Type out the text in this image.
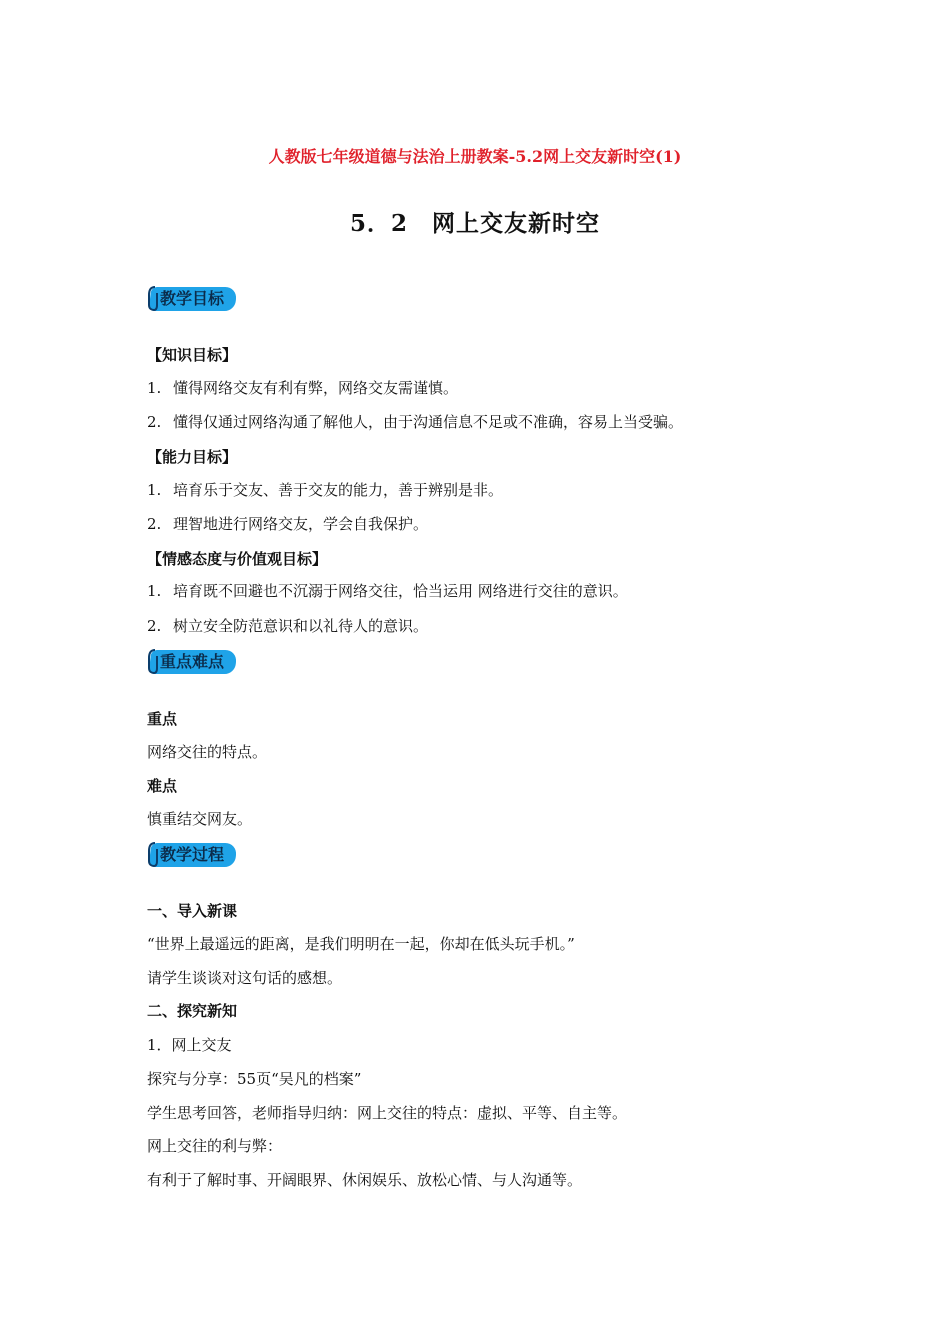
人教版七年级道德与法治上册教案-5.2网上交友新时空(1)
5．2　网上交友新时空
教学目标
【知识目标】
1. 懂得网络交友有利有弊，网络交友需谨慎。
2. 懂得仅通过网络沟通了解他人，由于沟通信息不足或不准确，容易上当受骗。
【能力目标】
1. 培育乐于交友、善于交友的能力，善于辨别是非。
2. 理智地进行网络交友，学会自我保护。
【情感态度与价值观目标】
1. 培育既不回避也不沉溺于网络交往，恰当运用 网络进行交往的意识。
2. 树立安全防范意识和以礼待人的意识。
重点难点
重点
网络交往的特点。
难点
慎重结交网友。
教学过程
一、导入新课
“世界上最遥远的距离，是我们明明在一起，你却在低头玩手机。”
请学生谈谈对这句话的感想。
二、探究新知
1．网上交友
探究与分享：55页“吴凡的档案”
学生思考回答，老师指导归纳：网上交往的特点：虚拟、平等、自主等。
网上交往的利与弊：
有利于了解时事、开阔眼界、休闲娱乐、放松心情、与人沟通等。
